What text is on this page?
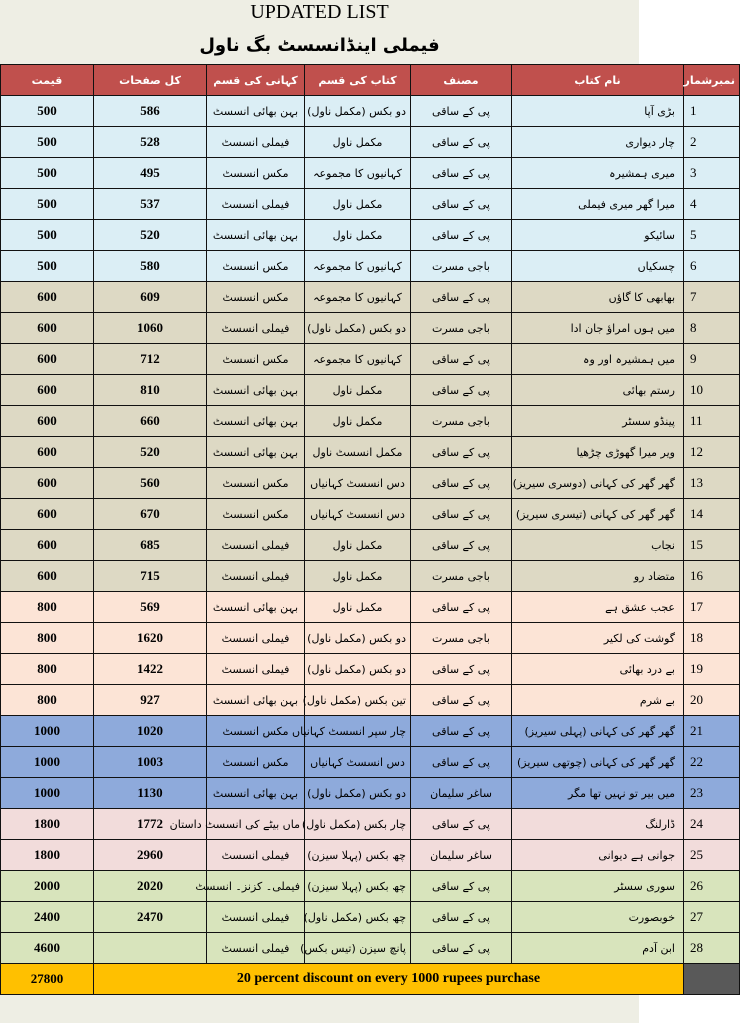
UPDATED LIST
فیملی اینڈانسسٹ بگ ناول
قیمت	کل صفحات	کہانی کی قسم	کتاب کی قسم	مصنف	نام کتاب	نمبرشمار
500	586	بہن بھائی انسسٹ	دو بکس (مکمل ناول)	پی کے ساقی	بڑی آپا	1
500	528	فیملی انسسٹ	مکمل ناول	پی کے ساقی	چار دیواری	2
500	495	مکس انسسٹ	کہانیوں کا مجموعہ	پی کے ساقی	میری ہمشیرہ	3
500	537	فیملی انسسٹ	مکمل ناول	پی کے ساقی	میرا گھر میری فیملی	4
500	520	بہن بھائی انسسٹ	مکمل ناول	پی کے ساقی	سائیکو	5
500	580	مکس انسسٹ	کہانیوں کا مجموعہ	باجی مسرت	چسکیاں	6
600	609	مکس انسسٹ	کہانیوں کا مجموعہ	پی کے ساقی	بھابھی کا گاؤں	7
600	1060	فیملی انسسٹ	دو بکس (مکمل ناول)	باجی مسرت	میں ہوں امراؤ جان ادا	8
600	712	مکس انسسٹ	کہانیوں کا مجموعہ	پی کے ساقی	میں ہمشیرہ اور وہ	9
600	810	بہن بھائی انسسٹ	مکمل ناول	پی کے ساقی	رستم بھائی	10
600	660	بہن بھائی انسسٹ	مکمل ناول	باجی مسرت	پینڈو سسٹر	11
600	520	بہن بھائی انسسٹ	مکمل انسسٹ ناول	پی کے ساقی	ویر میرا گھوڑی چڑھیا	12
600	560	مکس انسسٹ	دس انسسٹ کہانیاں	پی کے ساقی	گھر گھر کی کہانی (دوسری سیریز)	13
600	670	مکس انسسٹ	دس انسسٹ کہانیاں	پی کے ساقی	گھر گھر کی کہانی (تیسری سیریز)	14
600	685	فیملی انسسٹ	مکمل ناول	پی کے ساقی	نجاب	15
600	715	فیملی انسسٹ	مکمل ناول	باجی مسرت	متضاد رو	16
800	569	بہن بھائی انسسٹ	مکمل ناول	پی کے ساقی	عجب عشق ہے	17
800	1620	فیملی انسسٹ	دو بکس (مکمل ناول)	باجی مسرت	گوشت کی لکیر	18
800	1422	فیملی انسسٹ	دو بکس (مکمل ناول)	پی کے ساقی	بے درد بھائی	19
800	927	بہن بھائی انسسٹ	تین بکس (مکمل ناول)	پی کے ساقی	بے شرم	20
1000	1020	مکس انسسٹ	چار سپر انسسٹ کہانیاں	پی کے ساقی	گھر گھر کی کہانی (پہلی سیریز)	21
1000	1003	مکس انسسٹ	دس انسسٹ کہانیاں	پی کے ساقی	گھر گھر کی کہانی (چوتھی سیریز)	22
1000	1130	بہن بھائی انسسٹ	دو بکس (مکمل ناول)	ساغر سلیمان	میں بیر تو نہیں تھا مگر	23
1800	1772	ماں بیٹے کی انسسٹ داستان	چار بکس (مکمل ناول)	پی کے ساقی	ڈارلنگ	24
1800	2960	فیملی انسسٹ	چھ بکس (پہلا سیزن)	ساغر سلیمان	جوانی ہے دیوانی	25
2000	2020	فیملی۔ کزنز۔ انسسٹ	چھ بکس (پہلا سیزن)	پی کے ساقی	سوری سسٹر	26
2400	2470	فیملی انسسٹ	چھ بکس (مکمل ناول)	پی کے ساقی	خوبصورت	27
4600		فیملی انسسٹ	پانچ سیزن (تیس بکس)	پی کے ساقی	ابن آدم	28
27800	20 percent discount on every 1000 rupees purchase					
